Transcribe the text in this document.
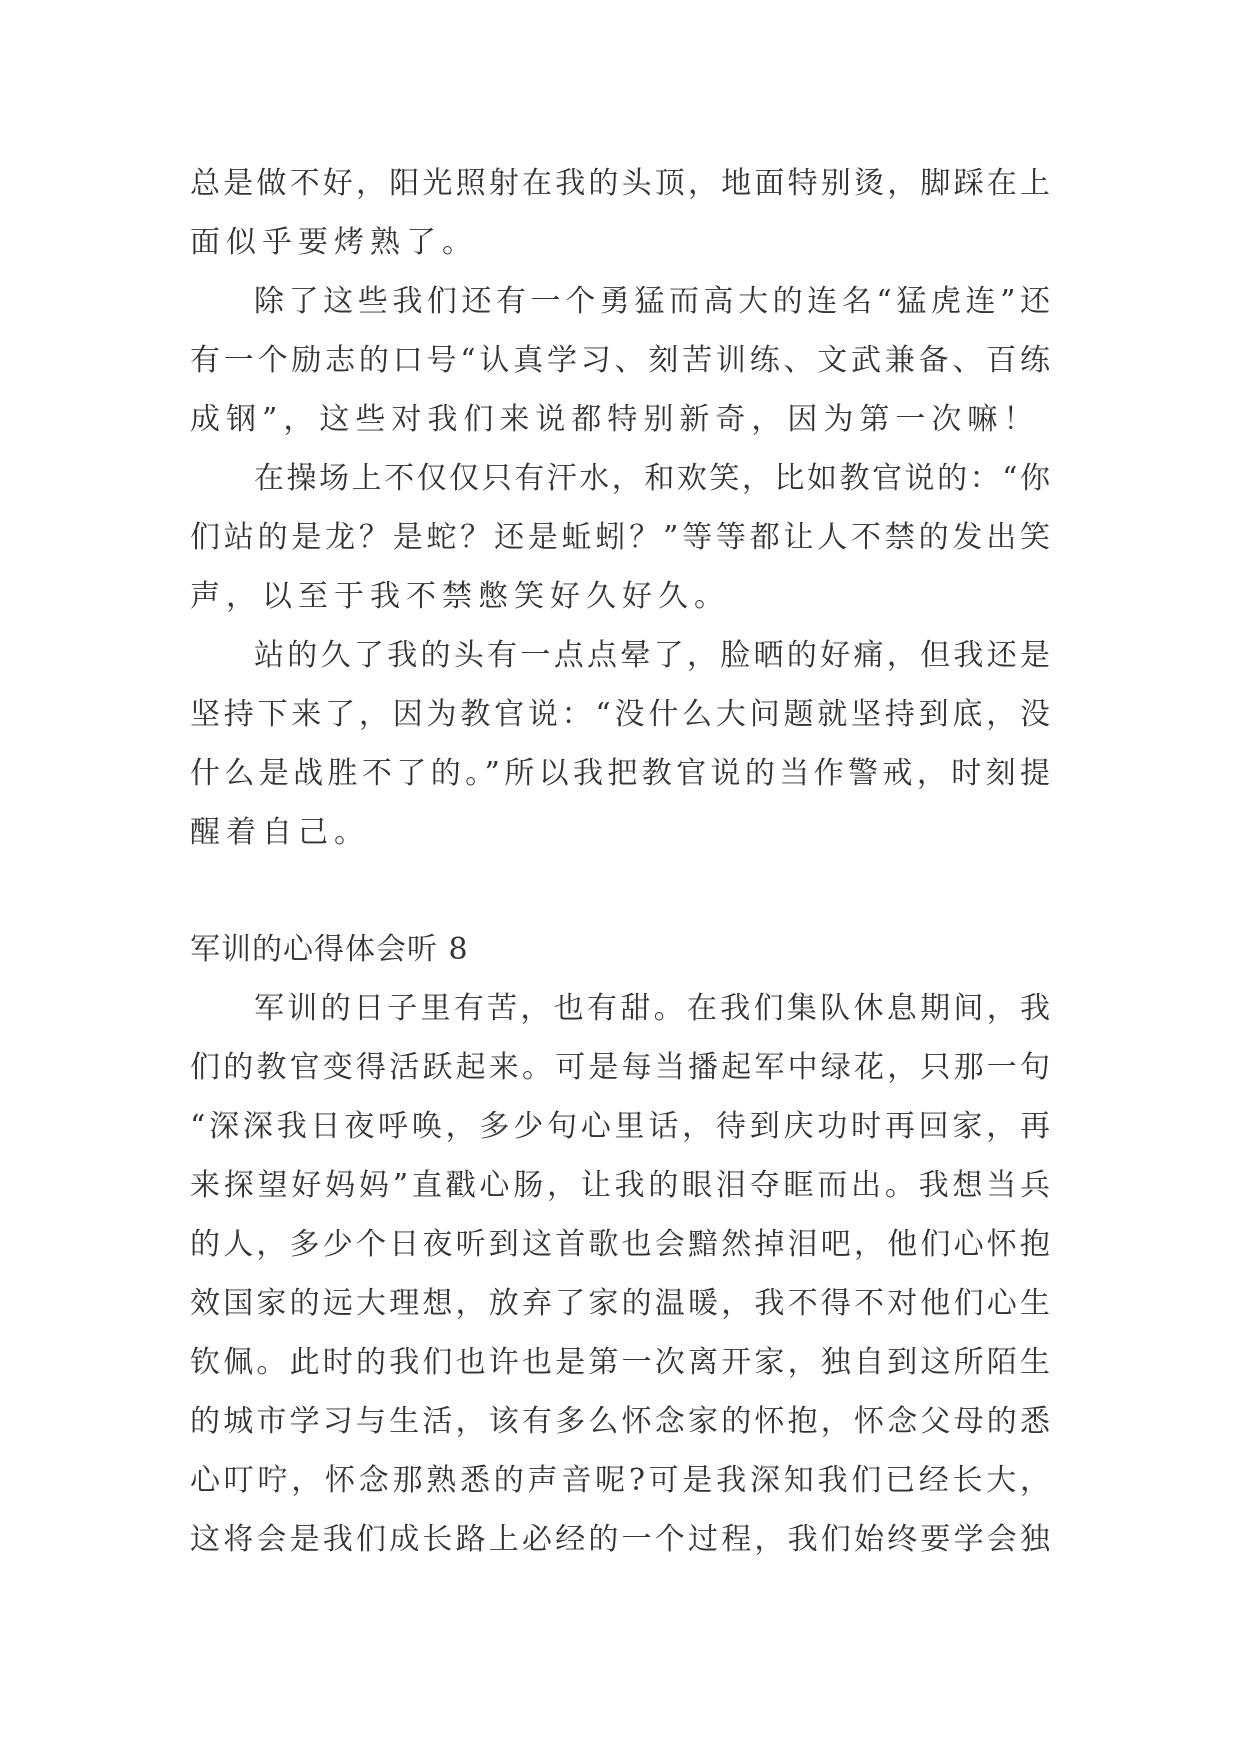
总是做不好，阳光照射在我的头顶，地面特别烫，脚踩在上
面似乎要烤熟了。
除了这些我们还有一个勇猛而高大的连名“猛虎连”还
有一个励志的口号“认真学习、刻苦训练、文武兼备、百练
成钢”，这些对我们来说都特别新奇，因为第一次嘛！
在操场上不仅仅只有汗水，和欢笑，比如教官说的：“你
们站的是龙？是蛇？还是蚯蚓？”等等都让人不禁的发出笑
声，以至于我不禁憋笑好久好久。
站的久了我的头有一点点晕了，脸晒的好痛，但我还是
坚持下来了，因为教官说：“没什么大问题就坚持到底，没
什么是战胜不了的。”所以我把教官说的当作警戒，时刻提
醒着自己。
军训的心得体会听 8
军训的日子里有苦，也有甜。在我们集队休息期间，我
们的教官变得活跃起来。可是每当播起军中绿花，只那一句
“深深我日夜呼唤，多少句心里话，待到庆功时再回家，再
来探望好妈妈”直戳心肠，让我的眼泪夺眶而出。我想当兵
的人，多少个日夜听到这首歌也会黯然掉泪吧，他们心怀抱
效国家的远大理想，放弃了家的温暖，我不得不对他们心生
钦佩。此时的我们也许也是第一次离开家，独自到这所陌生
的城市学习与生活，该有多么怀念家的怀抱，怀念父母的悉
心叮咛，怀念那熟悉的声音呢?可是我深知我们已经长大，
这将会是我们成长路上必经的一个过程，我们始终要学会独
